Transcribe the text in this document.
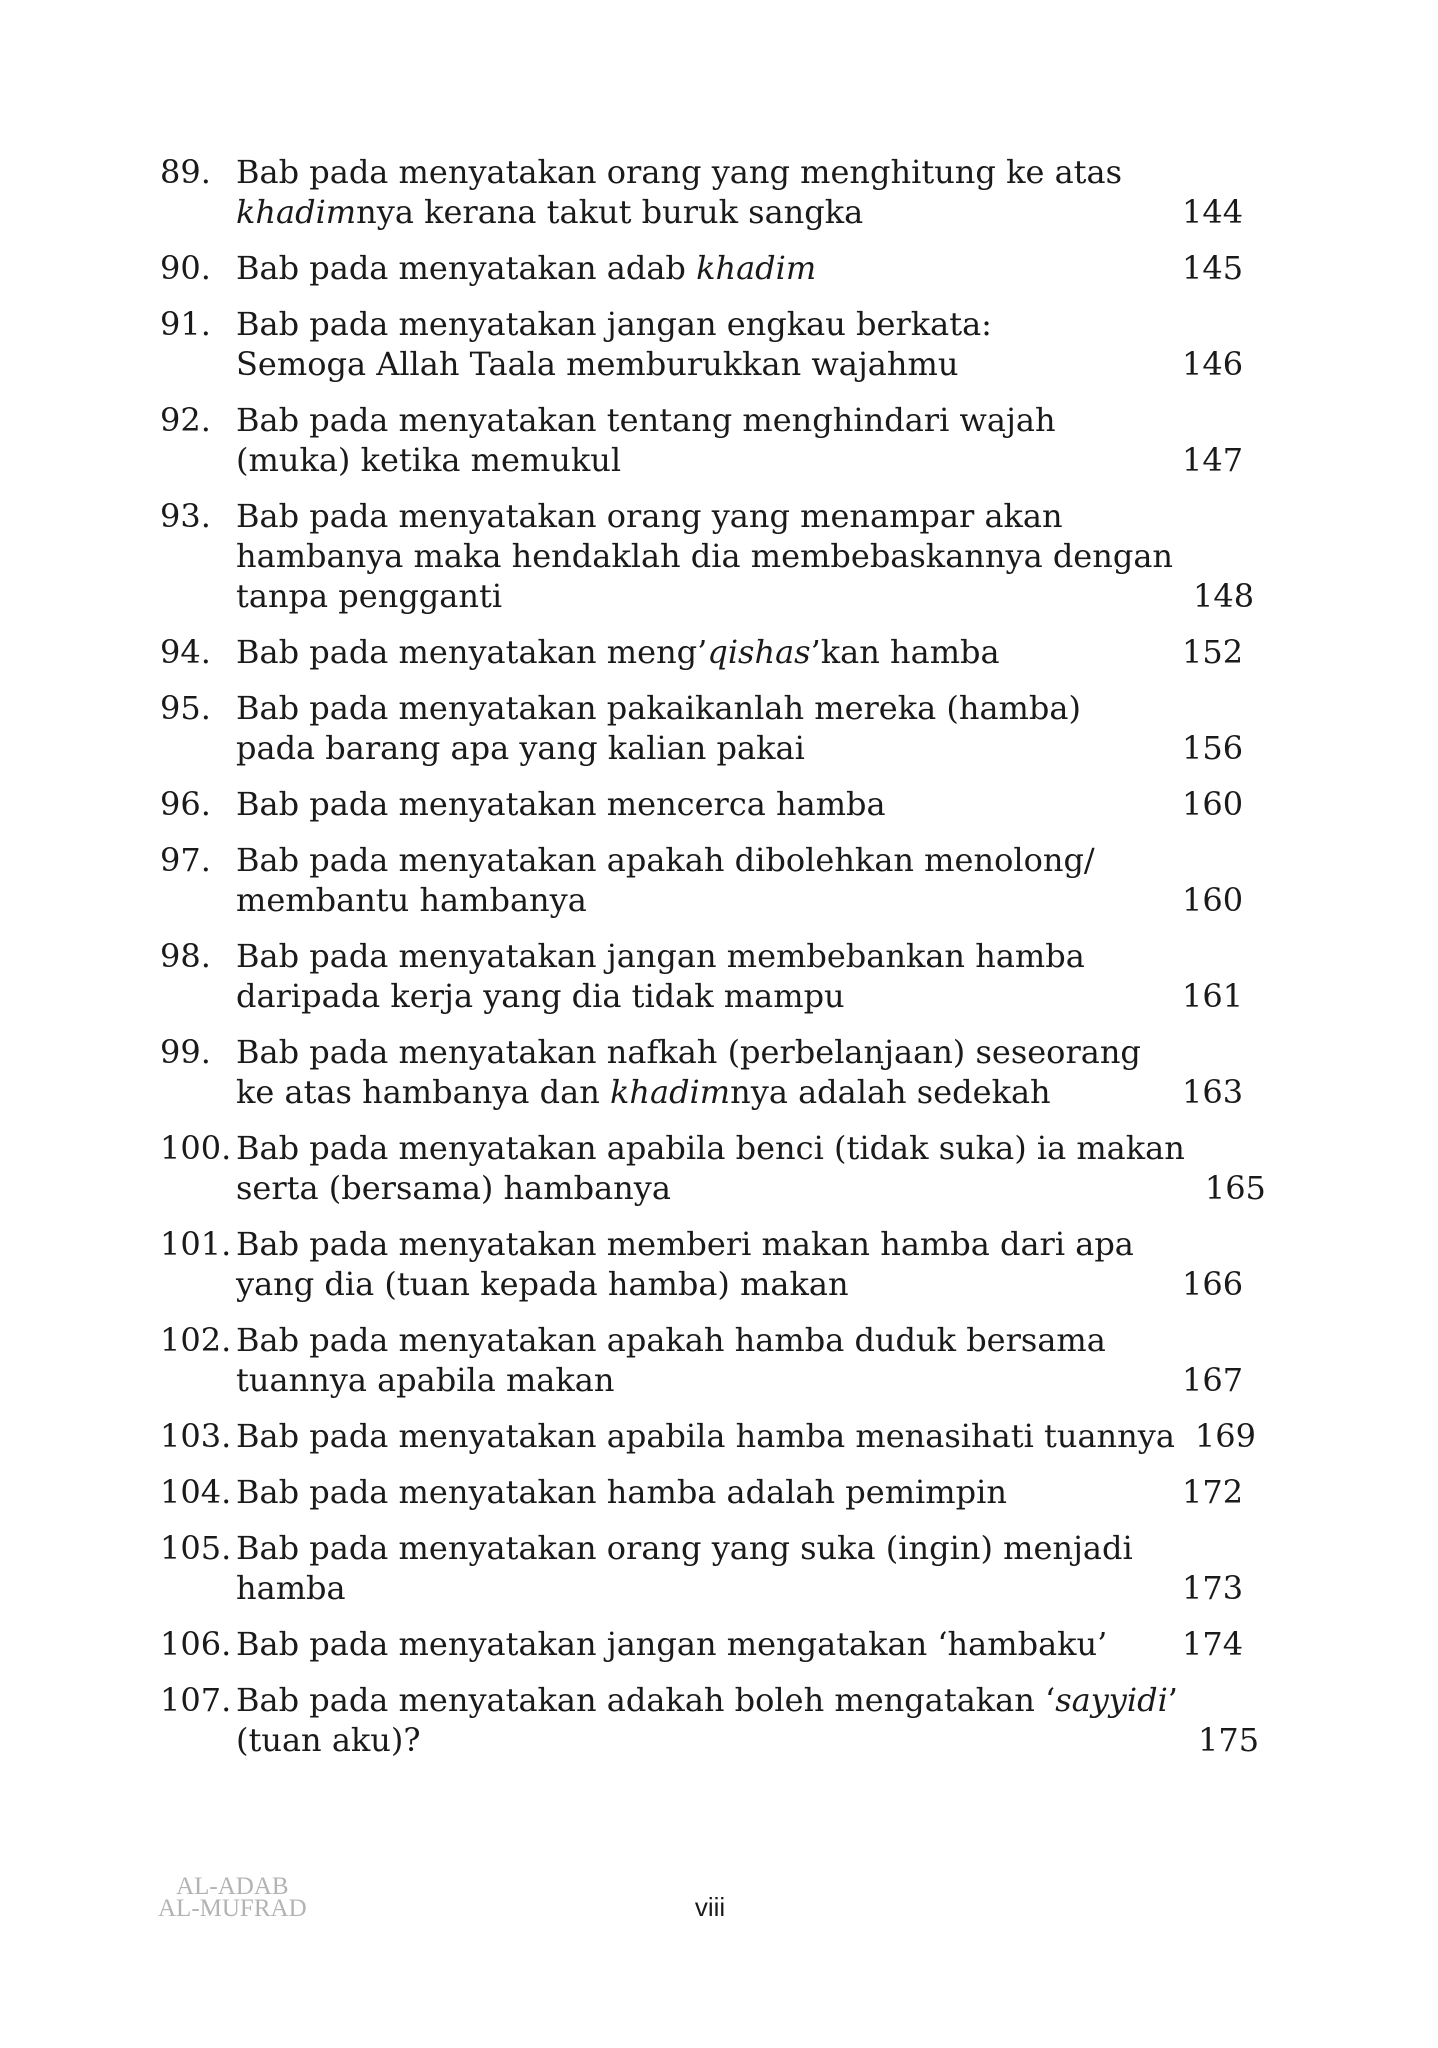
89. Bab pada menyatakan orang yang menghitung ke atas
khadimnya kerana takut buruk sangka	144
90. Bab pada menyatakan adab khadim	145
91. Bab pada menyatakan jangan engkau berkata:
Semoga Allah Taala memburukkan wajahmu	146
92. Bab pada menyatakan tentang menghindari wajah
(muka) ketika memukul	147
93. Bab pada menyatakan orang yang menampar akan
hambanya maka hendaklah dia membebaskannya dengan
tanpa pengganti	148
94. Bab pada menyatakan meng’qishas’kan hamba	152
95. Bab pada menyatakan pakaikanlah mereka (hamba)
pada barang apa yang kalian pakai	156
96. Bab pada menyatakan mencerca hamba	160
97. Bab pada menyatakan apakah dibolehkan menolong/
membantu hambanya	160
98. Bab pada menyatakan jangan membebankan hamba
daripada kerja yang dia tidak mampu	161
99. Bab pada menyatakan nafkah (perbelanjaan) seseorang
ke atas hambanya dan khadimnya adalah sedekah	163
100. Bab pada menyatakan apabila benci (tidak suka) ia makan
serta (bersama) hambanya	165
101. Bab pada menyatakan memberi makan hamba dari apa
yang dia (tuan kepada hamba) makan	166
102. Bab pada menyatakan apakah hamba duduk bersama
tuannya apabila makan	167
103. Bab pada menyatakan apabila hamba menasihati tuannya 169
104. Bab pada menyatakan hamba adalah pemimpin	172
105. Bab pada menyatakan orang yang suka (ingin) menjadi
hamba	173
106. Bab pada menyatakan jangan mengatakan ‘hambaku’	174
107. Bab pada menyatakan adakah boleh mengatakan ‘sayyidi’
(tuan aku)?	175
AL-ADAB
AL-MUFRAD	viii
